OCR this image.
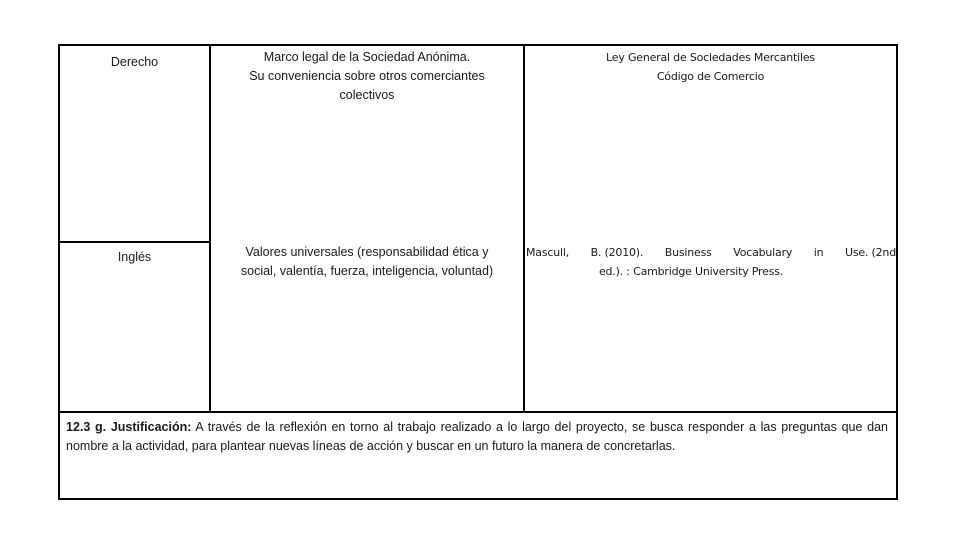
Derecho	Marco legal de la Sociedad Anónima.
Su conveniencia sobre otros comerciantes
colectivos
Ley General de Sociedades Mercantiles
Código de Comercio
Inglés	Valores universales (responsabilidad ética y
social, valentía, fuerza, inteligencia, voluntad)
Mascull, B. (2010). Business Vocabulary in Use. (2nd
ed.). : Cambridge University Press.
12.3 g. Justificación: A través de la reflexión en torno al trabajo realizado a lo largo del proyecto, se busca responder a las preguntas que dan nombre a la actividad, para plantear nuevas líneas de acción y buscar en un futuro la manera de concretarlas.
